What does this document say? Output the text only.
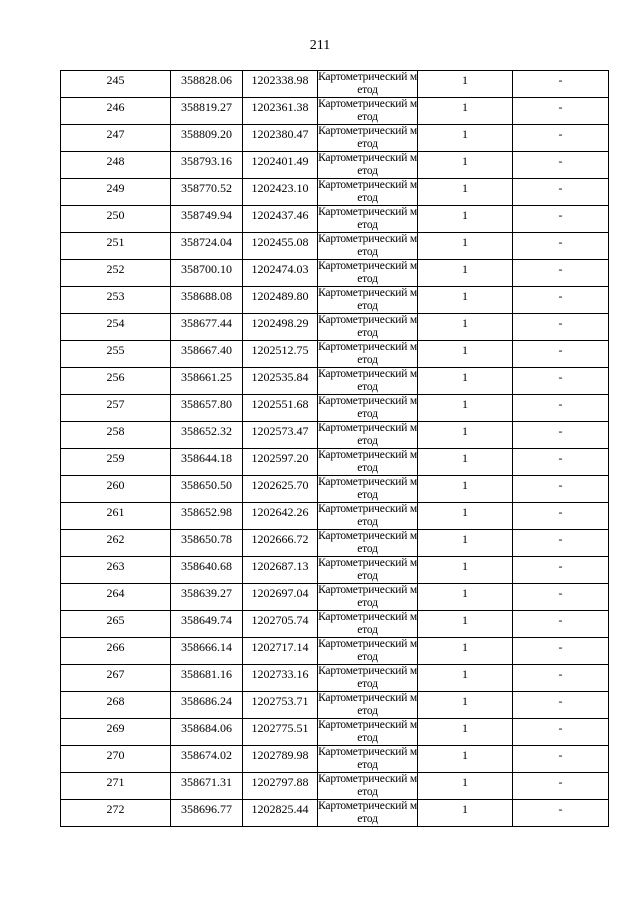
211
245	358828.06	1202338.98	Картометрический метод	1	-
246	358819.27	1202361.38	Картометрический метод	1	-
247	358809.20	1202380.47	Картометрический метод	1	-
248	358793.16	1202401.49	Картометрический метод	1	-
249	358770.52	1202423.10	Картометрический метод	1	-
250	358749.94	1202437.46	Картометрический метод	1	-
251	358724.04	1202455.08	Картометрический метод	1	-
252	358700.10	1202474.03	Картометрический метод	1	-
253	358688.08	1202489.80	Картометрический метод	1	-
254	358677.44	1202498.29	Картометрический метод	1	-
255	358667.40	1202512.75	Картометрический метод	1	-
256	358661.25	1202535.84	Картометрический метод	1	-
257	358657.80	1202551.68	Картометрический метод	1	-
258	358652.32	1202573.47	Картометрический метод	1	-
259	358644.18	1202597.20	Картометрический метод	1	-
260	358650.50	1202625.70	Картометрический метод	1	-
261	358652.98	1202642.26	Картометрический метод	1	-
262	358650.78	1202666.72	Картометрический метод	1	-
263	358640.68	1202687.13	Картометрический метод	1	-
264	358639.27	1202697.04	Картометрический метод	1	-
265	358649.74	1202705.74	Картометрический метод	1	-
266	358666.14	1202717.14	Картометрический метод	1	-
267	358681.16	1202733.16	Картометрический метод	1	-
268	358686.24	1202753.71	Картометрический метод	1	-
269	358684.06	1202775.51	Картометрический метод	1	-
270	358674.02	1202789.98	Картометрический метод	1	-
271	358671.31	1202797.88	Картометрический метод	1	-
272	358696.77	1202825.44	Картометрический метод	1	-
